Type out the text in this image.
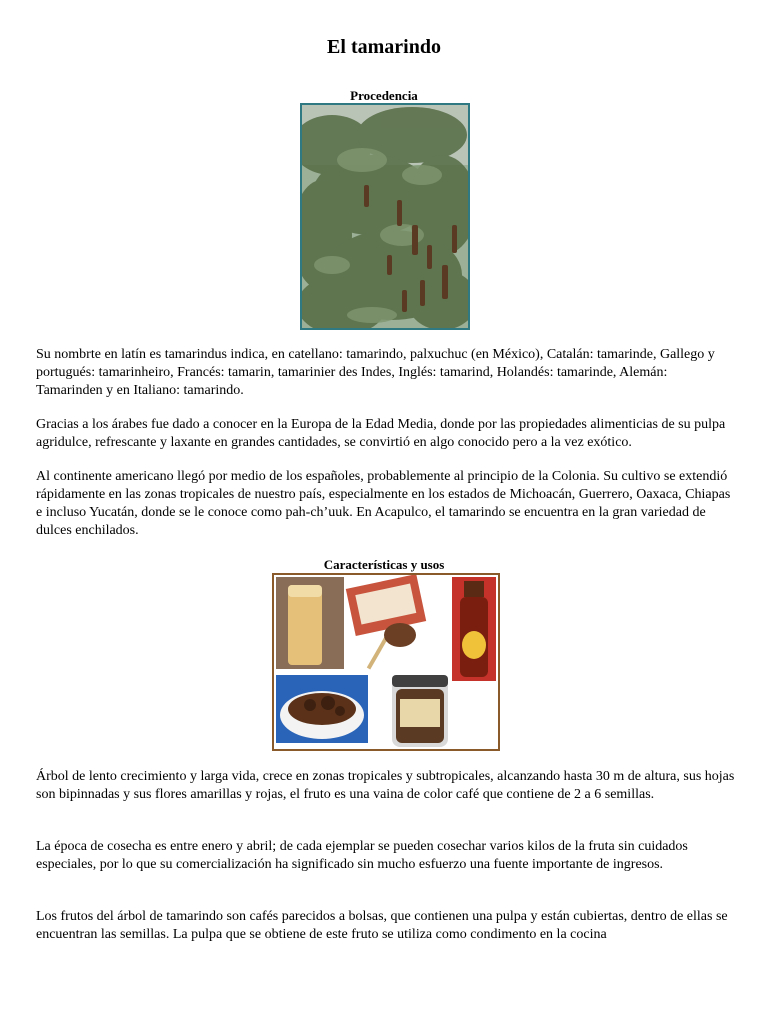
El tamarindo
Procedencia

Su nombrte en latín es tamarindus indica, en catellano: tamarindo, palxuchuc (en México), Catalán: tamarinde, Gallego y portugués: tamarinheiro, Francés: tamarin, tamarinier des Indes, Inglés: tamarind, Holandés: tamarinde, Alemán: Tamarinden y en Italiano: tamarindo.

Gracias a los árabes fue dado a conocer en la Europa de la Edad Media, donde por las propiedades alimenticias de su pulpa agridulce, refrescante y laxante en grandes cantidades, se convirtió en algo conocido pero a la vez exótico.

Al continente americano llegó por medio de los españoles, probablemente al principio de la Colonia. Su cultivo se extendió rápidamente en las zonas tropicales de nuestro país, especialmente en los estados de Michoacán, Guerrero, Oaxaca, Chiapas e incluso Yucatán, donde se le conoce como pah-ch’uuk. En Acapulco, el tamarindo se encuentra en la gran variedad de dulces enchilados.

Características y usos

Árbol de lento crecimiento y larga vida, crece en zonas tropicales y subtropicales, alcanzando hasta 30 m de altura, sus hojas son bipinnadas y sus flores amarillas y rojas, el fruto es una vaina de color café que contiene de 2 a 6 semillas.

La época de cosecha es entre enero y abril; de cada ejemplar se pueden cosechar varios kilos de la fruta sin cuidados especiales, por lo que su comercialización ha significado sin mucho esfuerzo una fuente importante de ingresos.

Los frutos del árbol de tamarindo son cafés parecidos a bolsas, que contienen una pulpa y están cubiertas, dentro de ellas se encuentran las semillas. La pulpa que se obtiene de este fruto se utiliza como condimento en la cocina
